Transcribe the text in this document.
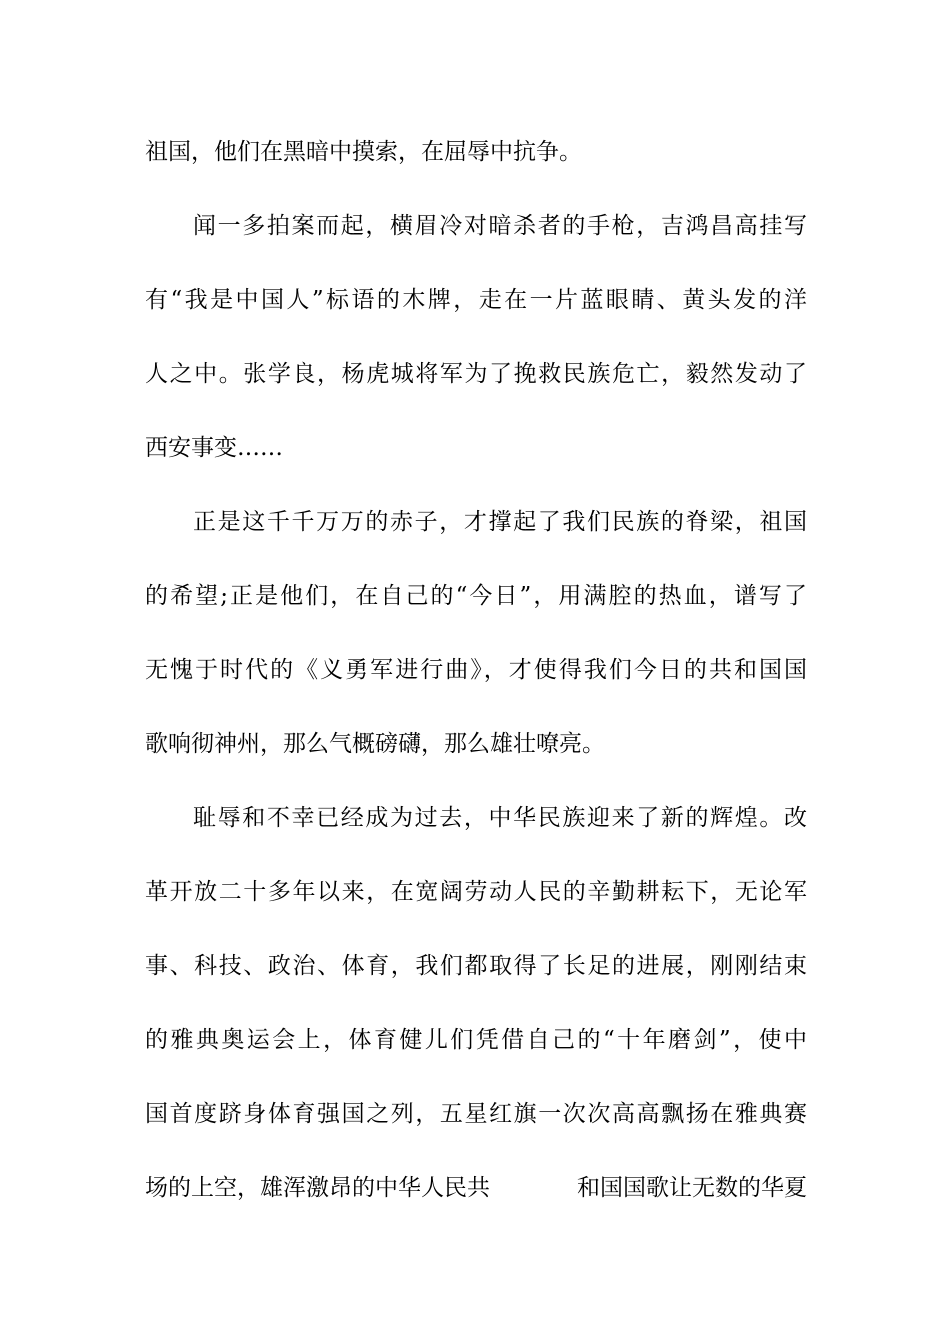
祖国，他们在黑暗中摸索，在屈辱中抗争。
闻一多拍案而起，横眉冷对暗杀者的手枪，吉鸿昌高挂写
有“我是中国人”标语的木牌，走在一片蓝眼睛、黄头发的洋
人之中。张学良，杨虎城将军为了挽救民族危亡，毅然发动了
西安事变……
正是这千千万万的赤子，才撑起了我们民族的脊梁，祖国
的希望;正是他们，在自己的“今日”，用满腔的热血，谱写了
无愧于时代的《义勇军进行曲》，才使得我们今日的共和国国
歌响彻神州，那么气概磅礴，那么雄壮嘹亮。
耻辱和不幸已经成为过去，中华民族迎来了新的辉煌。改
革开放二十多年以来，在宽阔劳动人民的辛勤耕耘下，无论军
事、科技、政治、体育，我们都取得了长足的进展，刚刚结束
的雅典奥运会上，体育健儿们凭借自己的“十年磨剑”，使中
国首度跻身体育强国之列，五星红旗一次次高高飘扬在雅典赛
场的上空，雄浑激昂的中华人民共	和国国歌让无数的华夏
